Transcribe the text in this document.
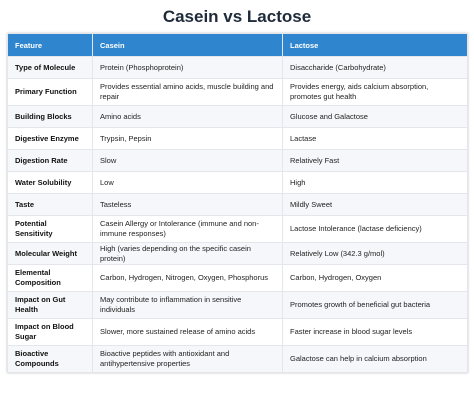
Casein vs Lactose
Feature	Casein	Lactose
Type of Molecule	Protein (Phosphoprotein)	Disaccharide (Carbohydrate)
Primary Function	Provides essential amino acids, muscle building and repair	Provides energy, aids calcium absorption, promotes gut health
Building Blocks	Amino acids	Glucose and Galactose
Digestive Enzyme	Trypsin, Pepsin	Lactase
Digestion Rate	Slow	Relatively Fast
Water Solubility	Low	High
Taste	Tasteless	Mildly Sweet
Potential Sensitivity	Casein Allergy or Intolerance (immune and non-immune responses)	Lactose Intolerance (lactase deficiency)
Molecular Weight	High (varies depending on the specific casein protein)	Relatively Low (342.3 g/mol)
Elemental Composition	Carbon, Hydrogen, Nitrogen, Oxygen, Phosphorus	Carbon, Hydrogen, Oxygen
Impact on Gut Health	May contribute to inflammation in sensitive individuals	Promotes growth of beneficial gut bacteria
Impact on Blood Sugar	Slower, more sustained release of amino acids	Faster increase in blood sugar levels
Bioactive Compounds	Bioactive peptides with antioxidant and antihypertensive properties	Galactose can help in calcium absorption
